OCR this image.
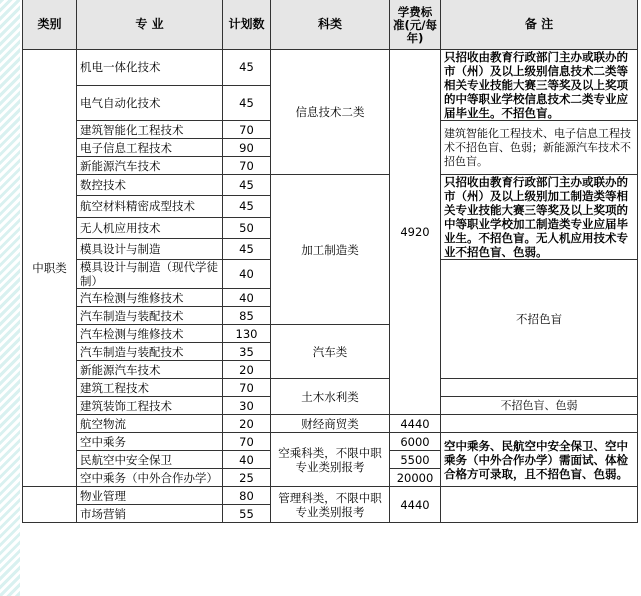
类别	专 业	计划数	科类	学费标准(元/每年)	备 注
中职类	机电一体化技术	45	信息技术二类	4920	只招收由教育行政部门主办或联办的市（州）及以上级别信息技术二类等相关专业技能大赛三等奖及以上奖项的中等职业学校信息技术二类专业应届毕业生。不招色盲。
	电气自动化技术	45			
	建筑智能化工程技术	70			建筑智能化工程技术、电子信息工程技术不招色盲、色弱；新能源汽车技术不招色盲。
	电子信息工程技术	90			
	新能源汽车技术	70			
	数控技术	45	加工制造类		只招收由教育行政部门主办或联办的市（州）及以上级别加工制造类等相关专业技能大赛三等奖及以上奖项的中等职业学校加工制造类专业应届毕业生。不招色盲。无人机应用技术专业不招色盲、色弱。
	航空材料精密成型技术	45			
	无人机应用技术	50			
	模具设计与制造	45			
	模具设计与制造（现代学徒制）	40			不招色盲
	汽车检测与维修技术	40			
	汽车制造与装配技术	85			
	汽车检测与维修技术	130	汽车类		
	汽车制造与装配技术	35			
	新能源汽车技术	20			
	建筑工程技术	70	土木水利类		
	建筑装饰工程技术	30			不招色盲、色弱
	航空物流	20	财经商贸类	4440	
	空中乘务	70	空乘科类，不限中职专业类别报考	6000	空中乘务、民航空中安全保卫、空中乘务（中外合作办学）需面试、体检合格方可录取，且不招色盲、色弱。
	民航空中安全保卫	40		5500	
	空中乘务（中外合作办学）	25		20000	
	物业管理	80	管理科类，不限中职专业类别报考	4440	
	市场营销	55			
